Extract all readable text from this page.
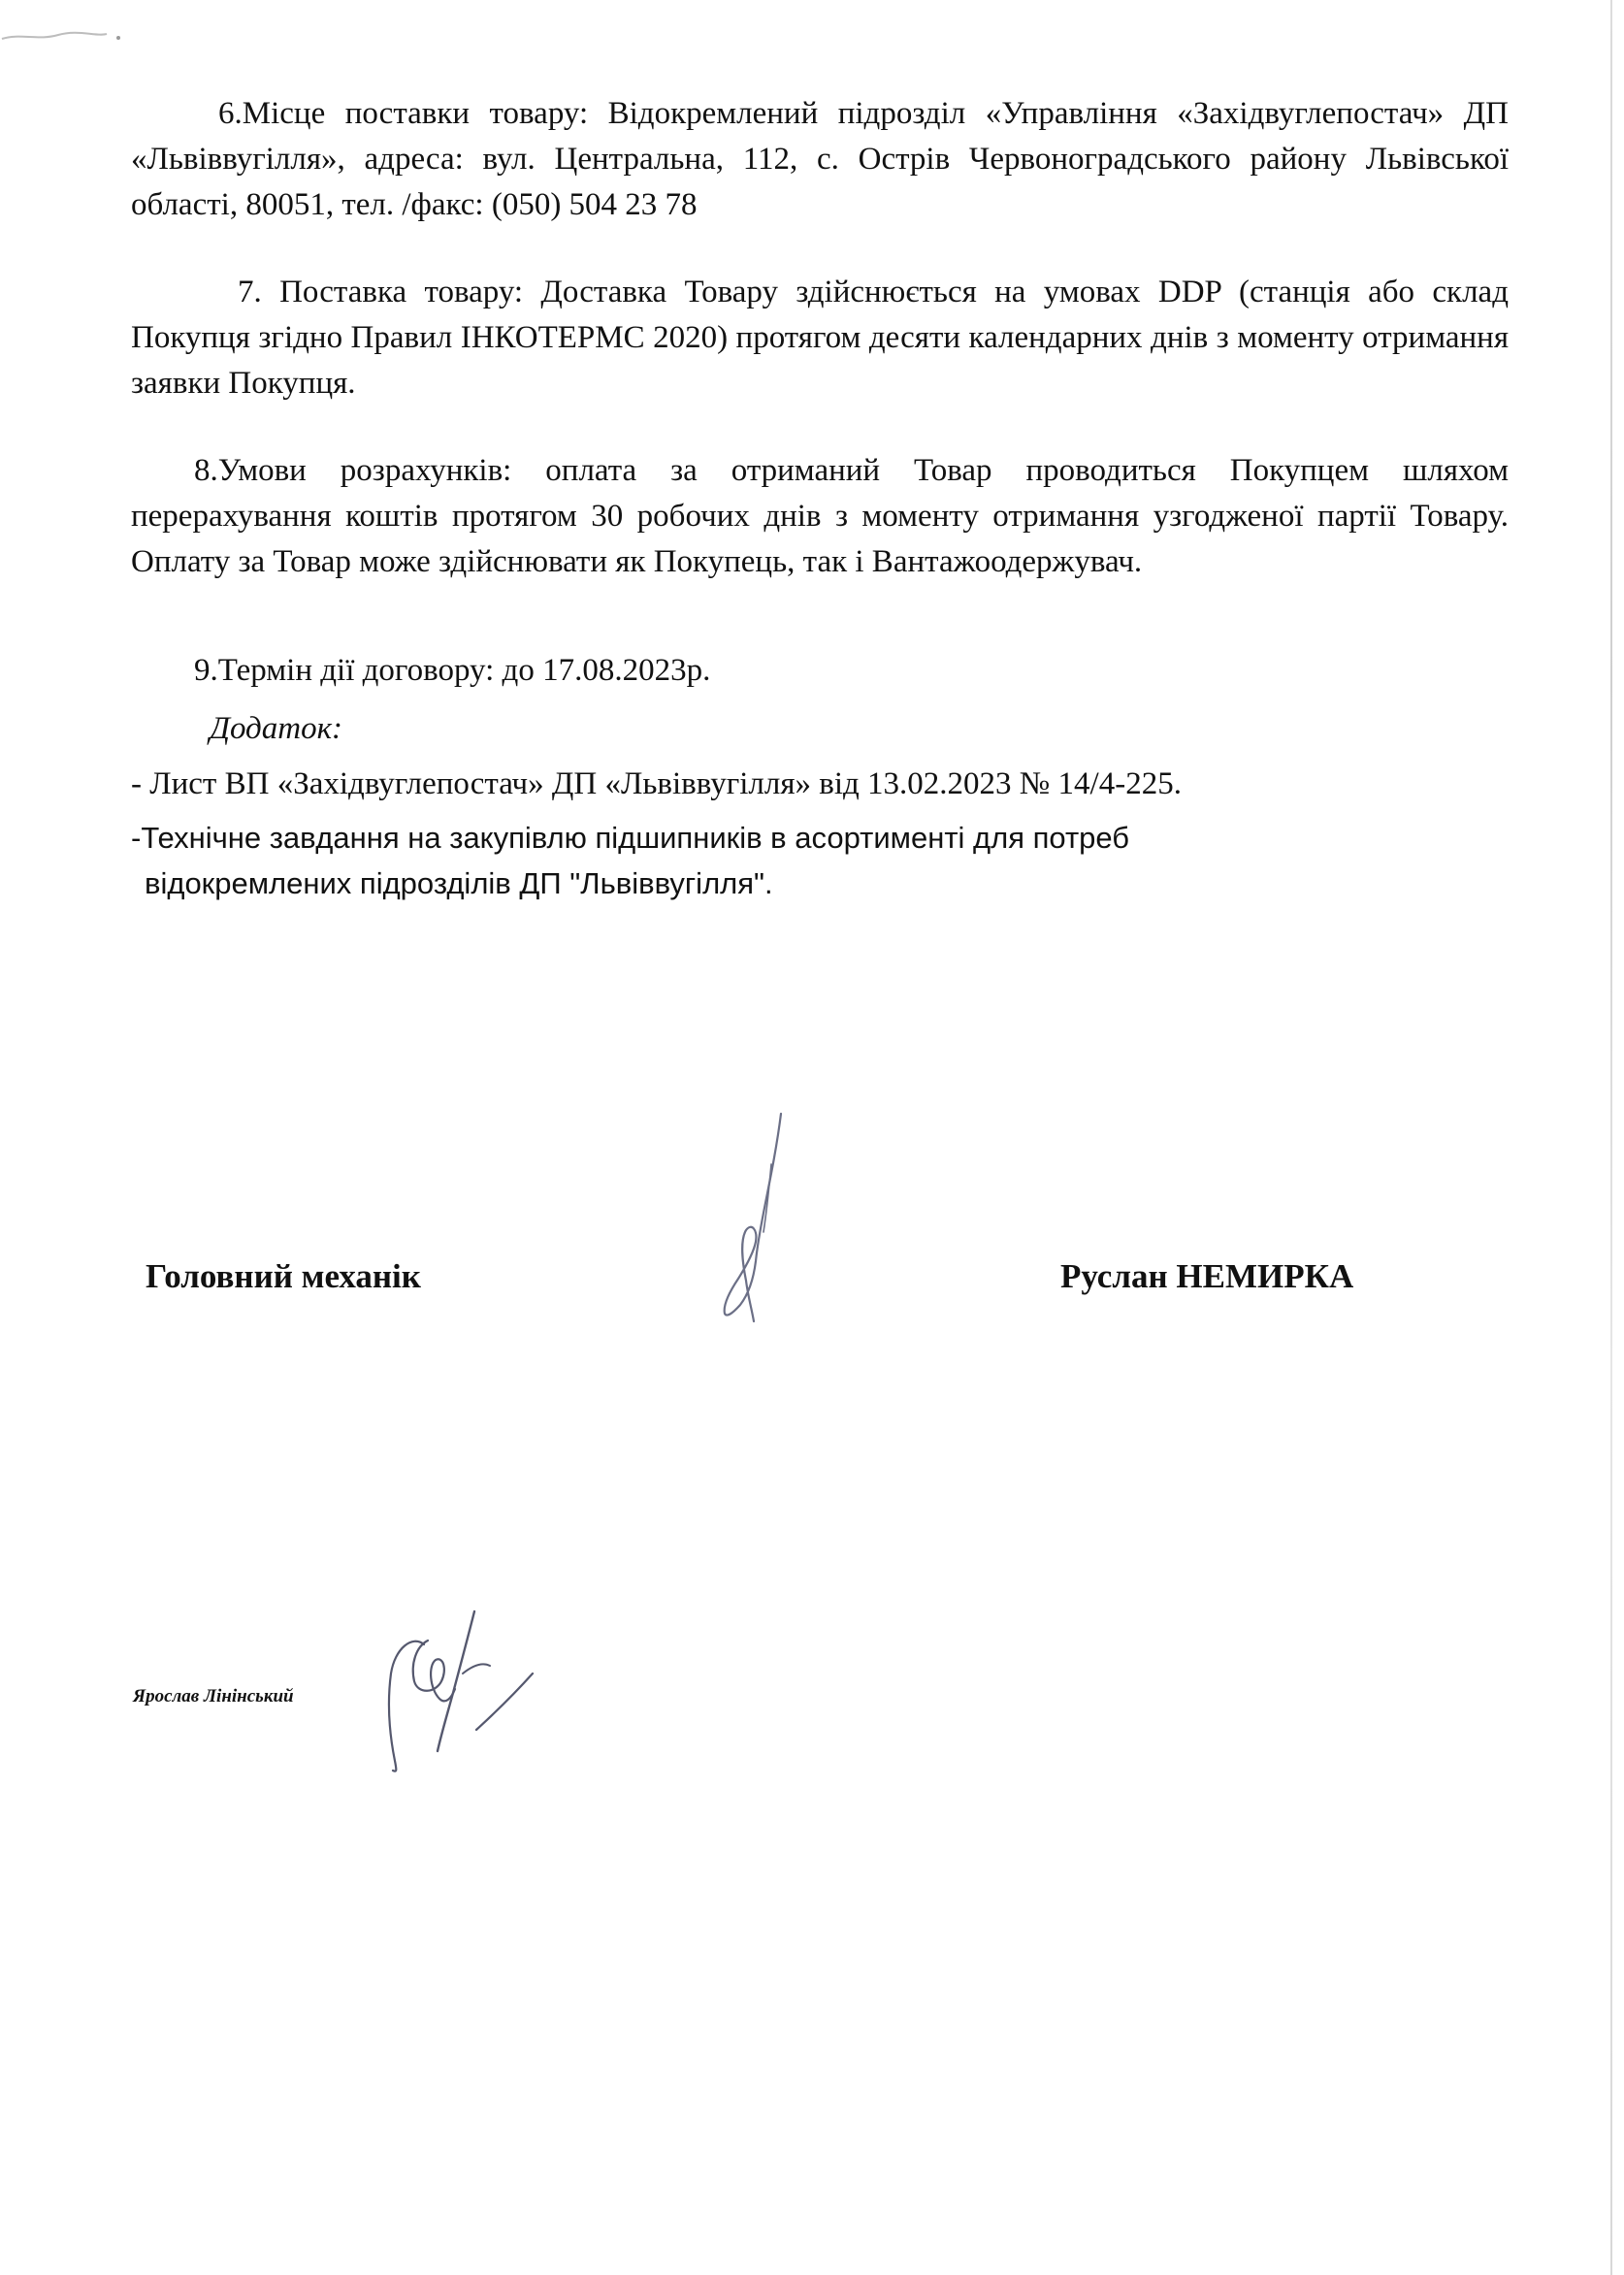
6.Місце поставки товару: Відокремлений підрозділ «Управління «Західвуглепостач» ДП «Львіввугілля», адреса: вул. Центральна, 112, с. Острів Червоноградського району Львівської області, 80051, тел. /факс: (050) 504 23 78

7. Поставка товару: Доставка Товару здійснюється на умовах DDP (станція або склад Покупця згідно Правил ІНКОТЕРМС 2020) протягом десяти календарних днів з моменту отримання заявки Покупця.

8.Умови розрахунків: оплата за отриманий Товар проводиться Покупцем шляхом перерахування коштів протягом 30 робочих днів з моменту отримання узгодженої партії Товару. Оплату за Товар може здійснювати як Покупець, так і Вантажоодержувач.

9.Термін дії договору: до 17.08.2023р.

Додаток:

- Лист ВП «Західвуглепостач» ДП «Львіввугілля» від 13.02.2023 № 14/4-225.

-Технічне завдання на закупівлю підшипників в асортименті для потреб
відокремлених підрозділів ДП "Львіввугілля".

Головний механік	Руслан НЕМИРКА

Ярослав Лінінський
